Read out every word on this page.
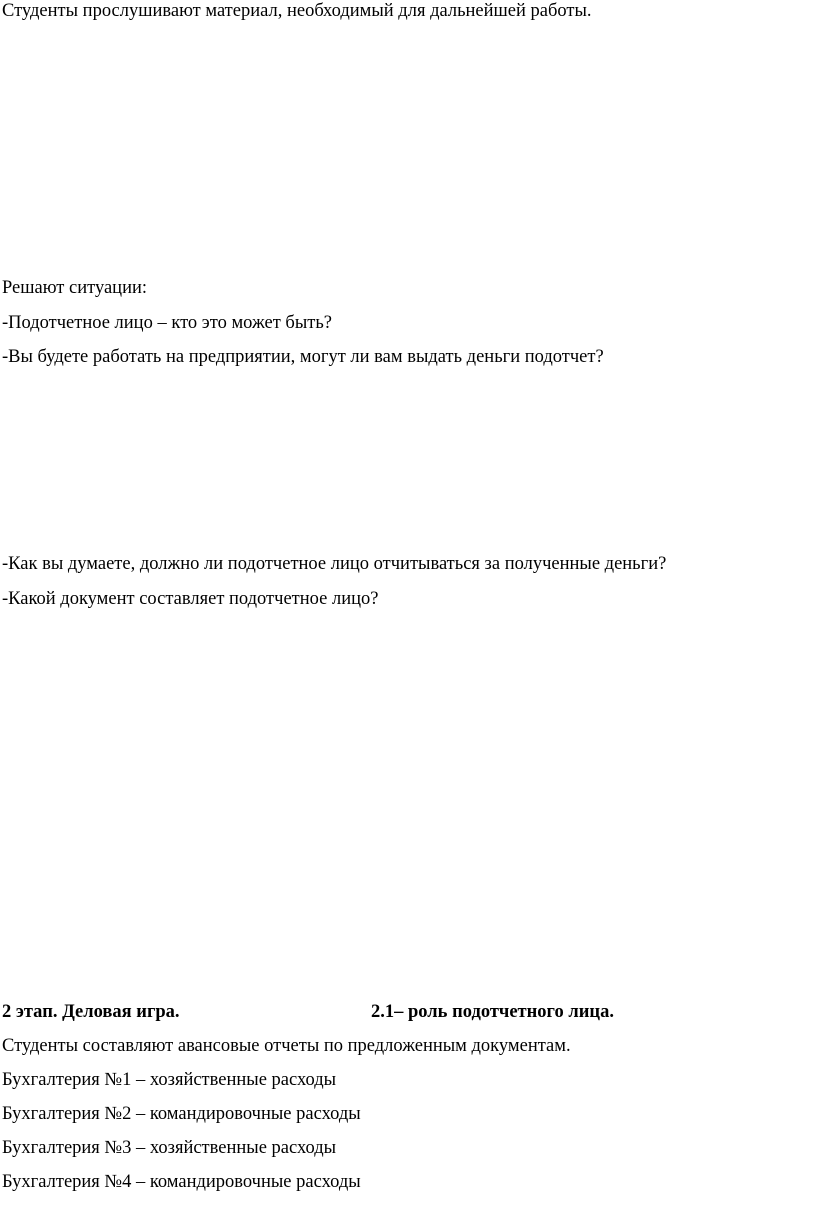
Студенты прослушивают материал, необходимый для дальнейшей работы.
Решают ситуации:
-Подотчетное лицо – кто это может быть?
-Вы будете работать на предприятии, могут ли вам выдать деньги подотчет?
-Как вы думаете, должно ли подотчетное лицо отчитываться за полученные деньги?
-Какой документ составляет подотчетное лицо?
2 этап. Деловая игра.	2.1– роль подотчетного лица.
Студенты составляют авансовые отчеты по предложенным документам.
Бухгалтерия №1 – хозяйственные расходы
Бухгалтерия №2 – командировочные расходы
Бухгалтерия №3 – хозяйственные расходы
Бухгалтерия №4 – командировочные расходы
